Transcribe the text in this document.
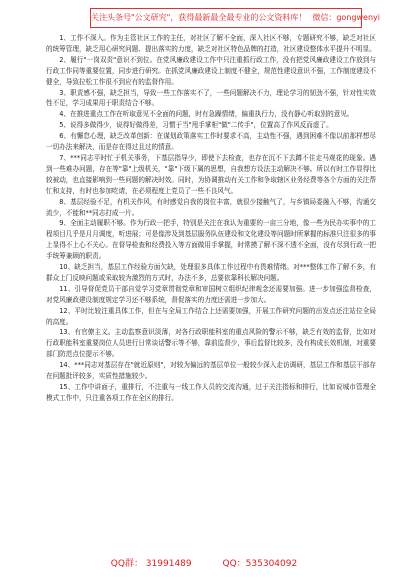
关注头条号"公文研究"，获得最新最全最专业的公文资料库！ 微信：gongwenyi

1、工作不深入。作为主管社区工作的主任，对社区了解不全面，深入社区不够，专题研究不够，缺乏对社区的统筹管理，缺乏用心研究问题、提出落实的力度，缺乏对社区特色品牌的打造，社区建设整体水平提升不明显。

2、履行"一岗双责"意识不到位。在党风廉政建设工作中只注重抓行政工作，没有把党风廉政建设工作放到与行政工作同等重要位置，同步进行研究。在抓党风廉政建设上制度不健全，规范性建设意识不强，工作制度建设不健全，导致拉松工作很不到应有的监督作用。

3、职责感不强，缺乏担当，导致一些工作落实不了，一些问题解决不力，理论学习的韧劲不强，针对性实效性不足，学习成果用于职责结合不够。

4、在推进重点工作在听取意见不全面的问题，时有急躁情绪，偏重执行力，没有静心听取别的意见。

5、说得多做得少，说得好做得差，习惯于当"甩手掌柜"做"二传手"，位置高了作风反而虚了。

6、有懈怠心理，缺乏改革创新：在谋划政策落实工作时要求不高，主动性不强，遇到困难不像以前那样想尽一切办法来解决，而是存在得过且过的情意。

7、***同志平时忙于机关事务，下基层指导少，即使下去检查，也存在沉不下去蹲不住走马观花的现象。遇到一些难办问题，存在等"靠"上级机关，"靠"下级下属的思想，自我想方设法主动解决不够。所以有时工作显得比较被动，也直接影响到一些问题的解决时效。同时，为协调推动有关工作和争取辖区业务经费等各个方面的关注帮忙和支持，有时也参加吃请，在必须程度上党员了一些不良风气。

8、基层经验不足，有机关作风，有时感觉自我的岗位丰富，就很少接触气了，与乡镇局委融入不够，沟通交流少，不能和**同志打成一片。

9、全面主动履职不够。作为行政一把手，特别是关注在我认为重要的一亩三分地，像一些为民办实事中的工程项目几乎是月月调度，听进展；可是像涉及到基层服务队伍建设和文化建设等问题时所掌握的标准只注很多的事上显得不上心不关心。在督导检查和经费投入等方面做用手掌握，时常摸了解不深不透不全面，没有尽到行政一把手统筹兼顾的职责。

10、缺乏担当，基层工作经验方面欠缺，处理很多具体工作过程中有畏难情绪。对***整体工作了解不多，有群众上门反映问题或采取较为激烈的方式时，办法不多，总要依靠科长解决问题。

11、引导督促党员干部自觉学习党章贯彻党章和审国树立组织纪律观念还需要加强。进一步加强监督检查，对党风廉政建设制度规定学习还不够系统，督促落实的力度还需进一步加大。

12、平时比较注重具体工作，但在与全局工作结合上还需要加强，开展工作研究问题的出发点还注站位全局的高度。

13、有官僚主义。主动监察意识淡薄，对各行政职能科室的重点风险的警示不够，缺乏有效的监督，比如对行政职能科室重要岗位人员进行日常谈话警示等不够，靠前监督少，事后监督比较多，没有构成长效机制，对重要部门防范点位提示不够。

14、***同志对基层存在"就近原则"，对较为偏远的基层单位一般较少深入走访调研，基层工作和基层干部存在问题批评较多，实质性措施较少。

15、工作中讲面子，重排行，不注重与一线工作人员的交流沟通，过于关注指标和排行，比如说城市管理全模式工作中，只注重各项工作在全区的排行。

QQ群： 31991489	QQ：535304092
